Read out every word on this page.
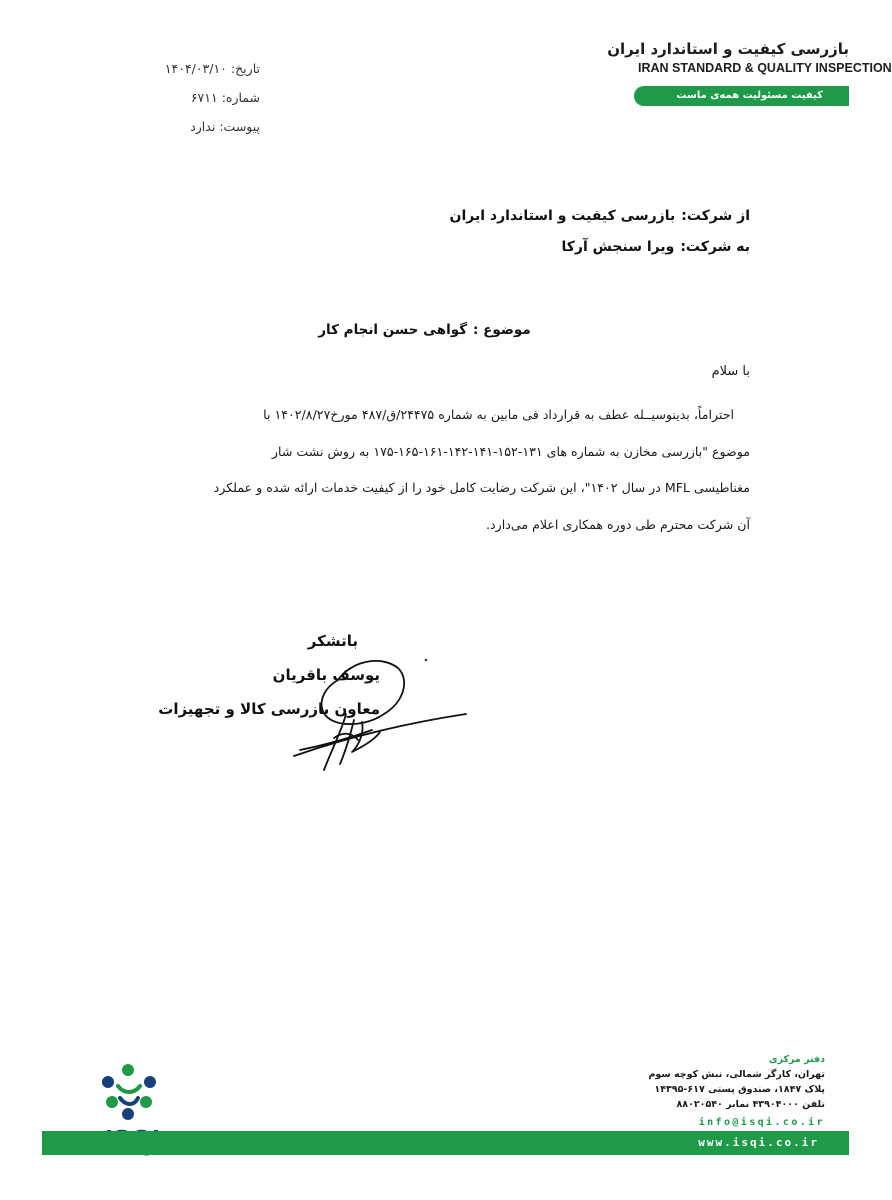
بازرسی کیفیت و استاندارد ایران
IRAN STANDARD & QUALITY INSPECTION
کیفیت مسئولیت همه‌ی ماست
تاریخ:۱۴۰۴/۰۳/۱۰
شماره:۶۷۱۱
پیوست:ندارد
از شرکت:بازرسی کیفیت و استاندارد ایران
به شرکت:ویرا سنجش آرکا
موضوع :گواهی حسن انجام کار
با سلام
احتراماً، بدینوسیــله عطف به قرارداد فی مابین به شماره ۲۴۴۷۵/ق/۴۸۷ مورخ۱۴۰۲/۸/۲۷ با
موضوع "بازرسی مخازن به شماره های ۱۳۱-۱۵۲-۱۴۱-۱۴۲-۱۶۱-۱۶۵-۱۷۵ به روش نشت شار
مغناطیسی MFL در سال ۱۴۰۲"، این شرکت رضایت کامل خود را از کیفیت خدمات ارائه شده و عملکرد
آن شرکت محترم طی دوره همکاری اعلام می‌دارد.
باتشکر
یوسف باقریان
معاون بازرسی کالا و تجهیزات
دفتر مرکزی
تهران، کارگر شمالی، نبش کوچه سوم
پلاک ۱۸۴۷، صندوق پستی ۶۱۷-۱۴۳۹۵
تلفن ۴۳۹۰۴۰۰۰ نمابر ۸۸۰۲۰۵۴۰
info@isqi.co.ir
www.isqi.co.ir
